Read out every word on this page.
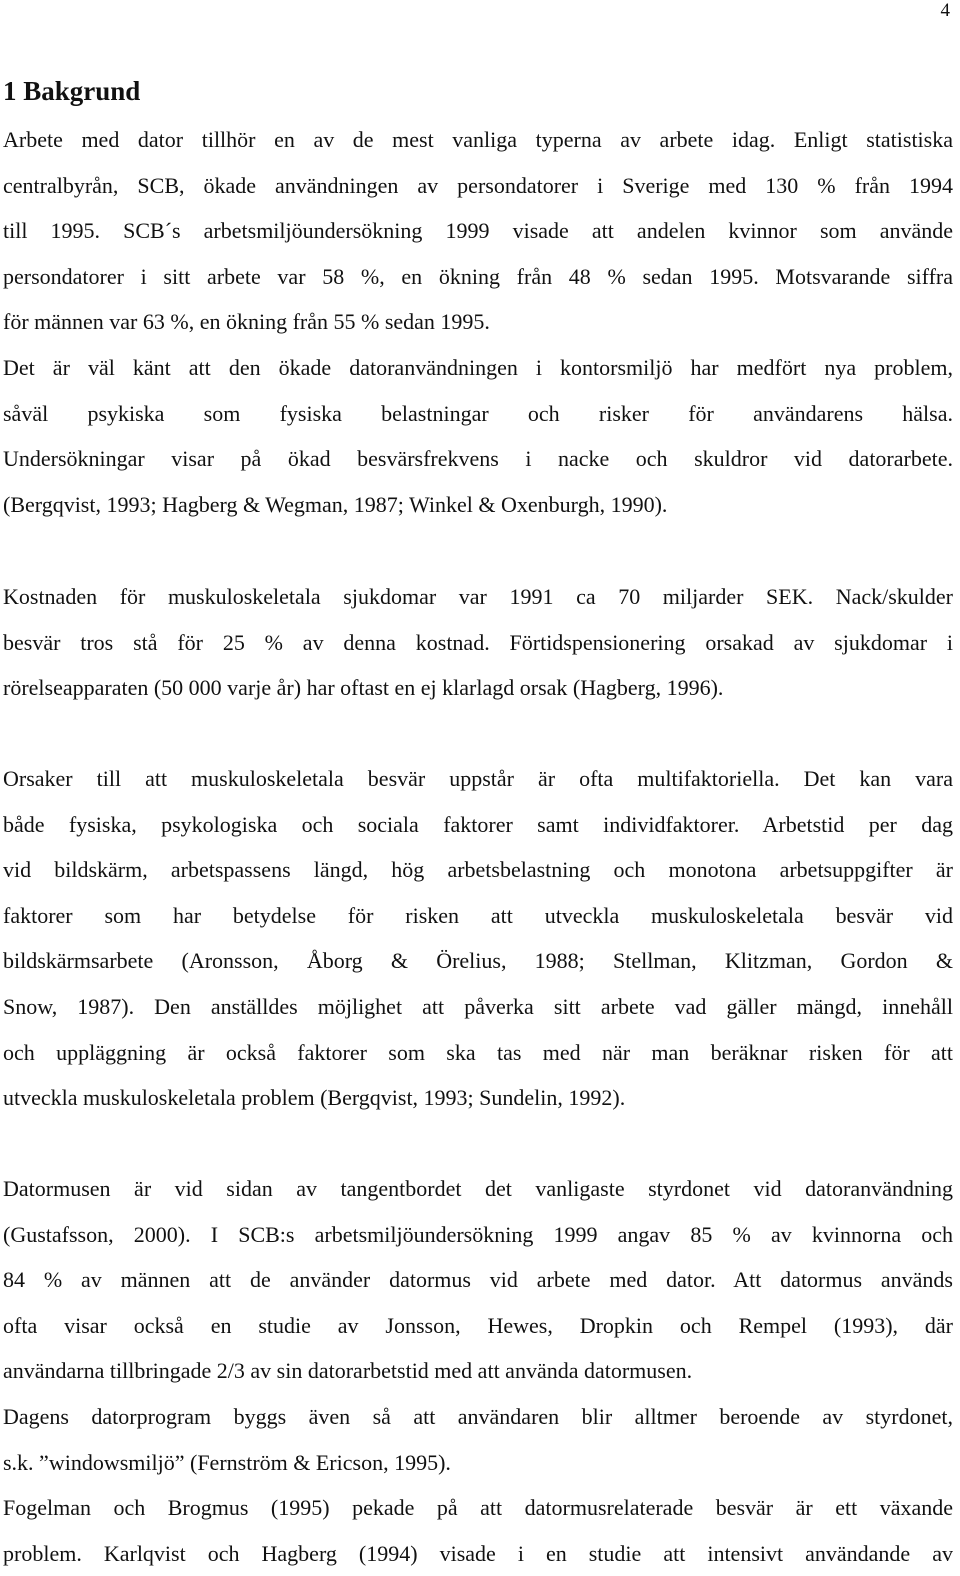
4
1 Bakgrund
Arbete med dator tillhör en av de mest vanliga typerna av arbete idag. Enligt statistiska
centralbyrån, SCB, ökade användningen av persondatorer i Sverige med 130 % från 1994
till 1995. SCB´s arbetsmiljöundersökning 1999 visade att andelen kvinnor som använde
persondatorer i sitt arbete var 58 %, en ökning från 48 % sedan 1995. Motsvarande siffra
för männen var 63 %, en ökning från 55 % sedan 1995.
Det är väl känt att den ökade datoranvändningen i kontorsmiljö har medfört nya problem,
såväl psykiska som fysiska belastningar och risker för användarens hälsa.
Undersökningar visar på ökad besvärsfrekvens i nacke och skuldror vid datorarbete.
(Bergqvist, 1993; Hagberg & Wegman, 1987; Winkel & Oxenburgh, 1990).
Kostnaden för muskuloskeletala sjukdomar var 1991 ca 70 miljarder SEK. Nack/skulder
besvär tros stå för 25 % av denna kostnad. Förtidspensionering orsakad av sjukdomar i
rörelseapparaten (50 000 varje år) har oftast en ej klarlagd orsak (Hagberg, 1996).
Orsaker till att muskuloskeletala besvär uppstår är ofta multifaktoriella. Det kan vara
både fysiska, psykologiska och sociala faktorer samt individfaktorer. Arbetstid per dag
vid bildskärm, arbetspassens längd, hög arbetsbelastning och monotona arbetsuppgifter är
faktorer som har betydelse för risken att utveckla muskuloskeletala besvär vid
bildskärmsarbete (Aronsson, Åborg & Örelius, 1988; Stellman, Klitzman, Gordon &
Snow, 1987). Den anställdes möjlighet att påverka sitt arbete vad gäller mängd, innehåll
och uppläggning är också faktorer som ska tas med när man beräknar risken för att
utveckla muskuloskeletala problem (Bergqvist, 1993; Sundelin, 1992).
Datormusen är vid sidan av tangentbordet det vanligaste styrdonet vid datoranvändning
(Gustafsson, 2000). I SCB:s arbetsmiljöundersökning 1999 angav 85 % av kvinnorna och
84 % av männen att de använder datormus vid arbete med dator. Att datormus används
ofta visar också en studie av Jonsson, Hewes, Dropkin och Rempel (1993), där
användarna tillbringade 2/3 av sin datorarbetstid med att använda datormusen.
Dagens datorprogram byggs även så att användaren blir alltmer beroende av styrdonet,
s.k. ”windowsmiljö” (Fernström & Ericson, 1995).
Fogelman och Brogmus (1995) pekade på att datormusrelaterade besvär är ett växande
problem. Karlqvist och Hagberg (1994) visade i en studie att intensivt användande av
